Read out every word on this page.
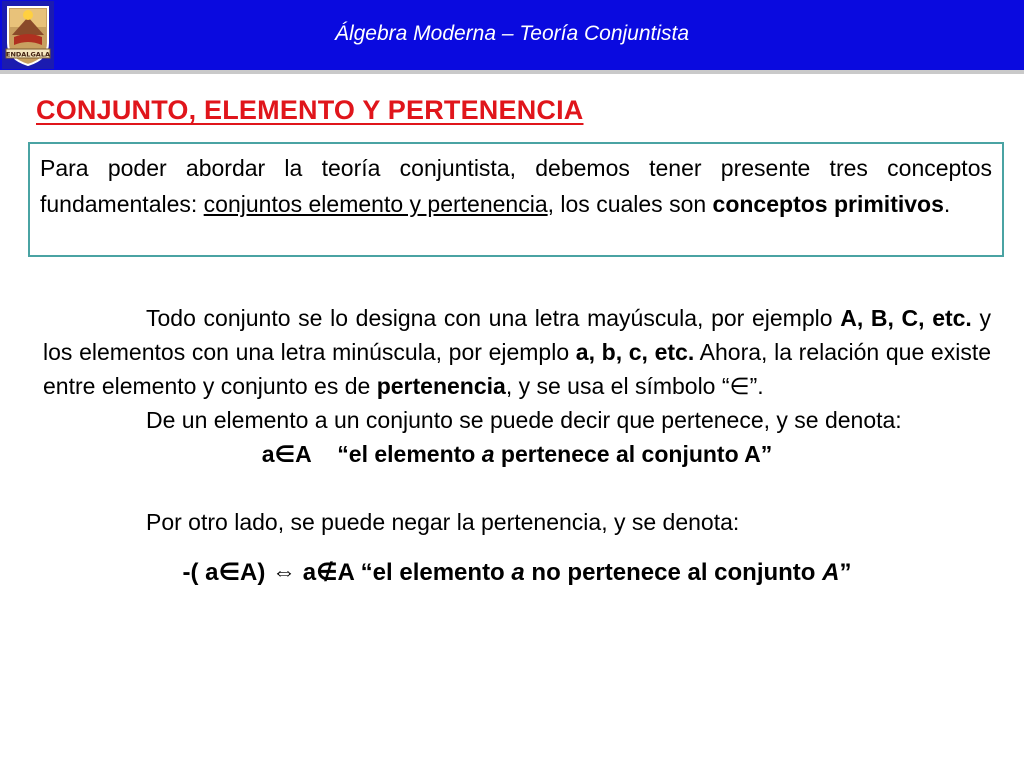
ENDALGALA
Álgebra Moderna – Teoría Conjuntista
CONJUNTO, ELEMENTO Y PERTENENCIA
Para poder abordar la teoría conjuntista, debemos tener presente tres conceptos fundamentales: conjuntos elemento y pertenencia, los cuales son conceptos primitivos.

Todo conjunto se lo designa con una letra mayúscula, por ejemplo A, B, C, etc. y los elementos con una letra minúscula, por ejemplo a, b, c, etc. Ahora, la relación que existe entre elemento y conjunto es de pertenencia, y se usa el símbolo “∈”.

De un elemento a un conjunto se puede decir que pertenece, y se denota:

a∈A “el elemento a pertenece al conjunto A”

Por otro lado, se puede negar la pertenencia, y se denota:

-( a∈A) ⇔ a∉A “el elemento a no pertenece al conjunto A”
